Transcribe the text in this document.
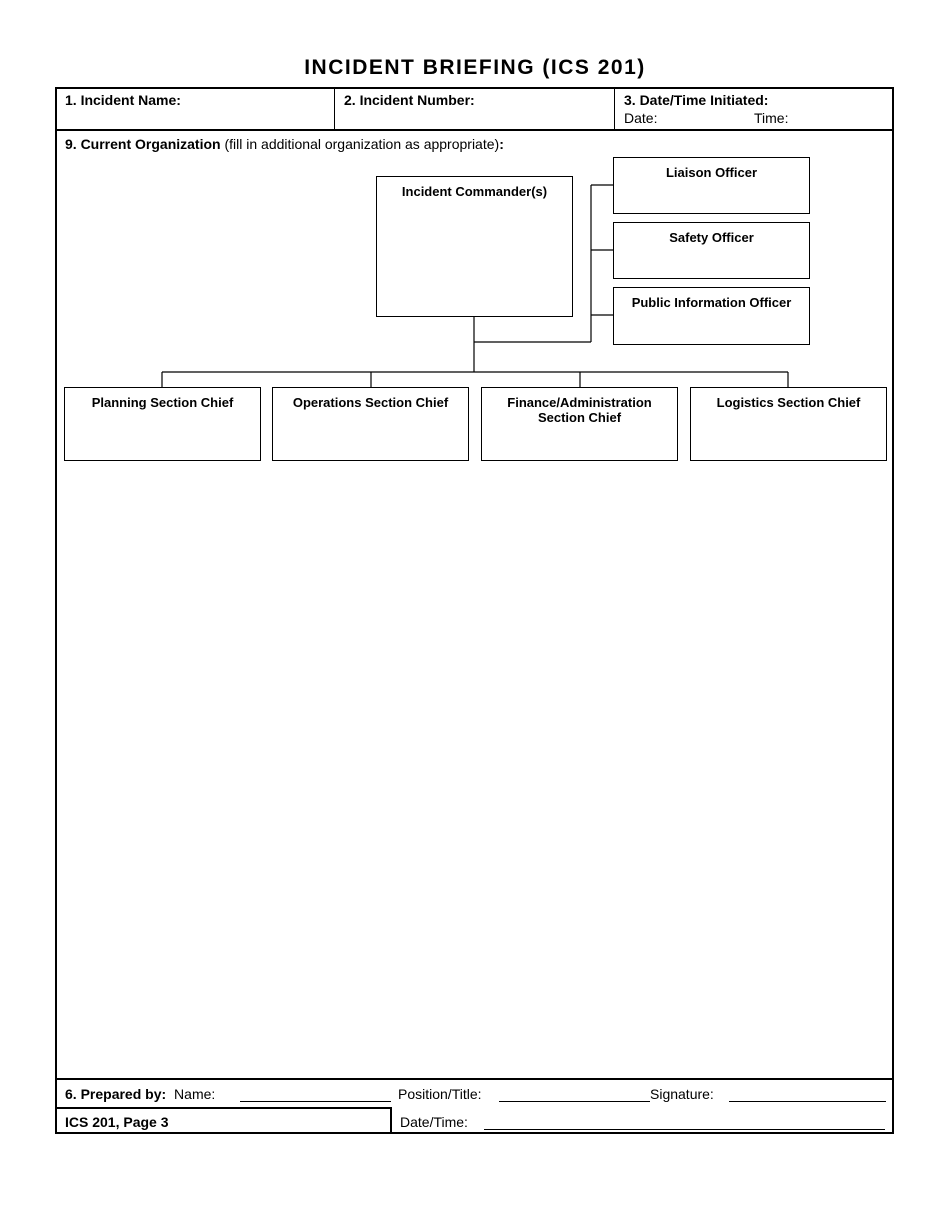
INCIDENT BRIEFING (ICS 201)
1. Incident Name:	2. Incident Number:	3. Date/Time Initiated:
Date:	Time:
9. Current Organization (fill in additional organization as appropriate):
Incident Commander(s)
Liaison Officer
Safety Officer
Public Information Officer
Planning Section Chief	Operations Section Chief	Finance/Administration Section Chief
Logistics Section Chief
6. Prepared by: Name:	Position/Title:	Signature:
ICS 201, Page 3	Date/Time:
